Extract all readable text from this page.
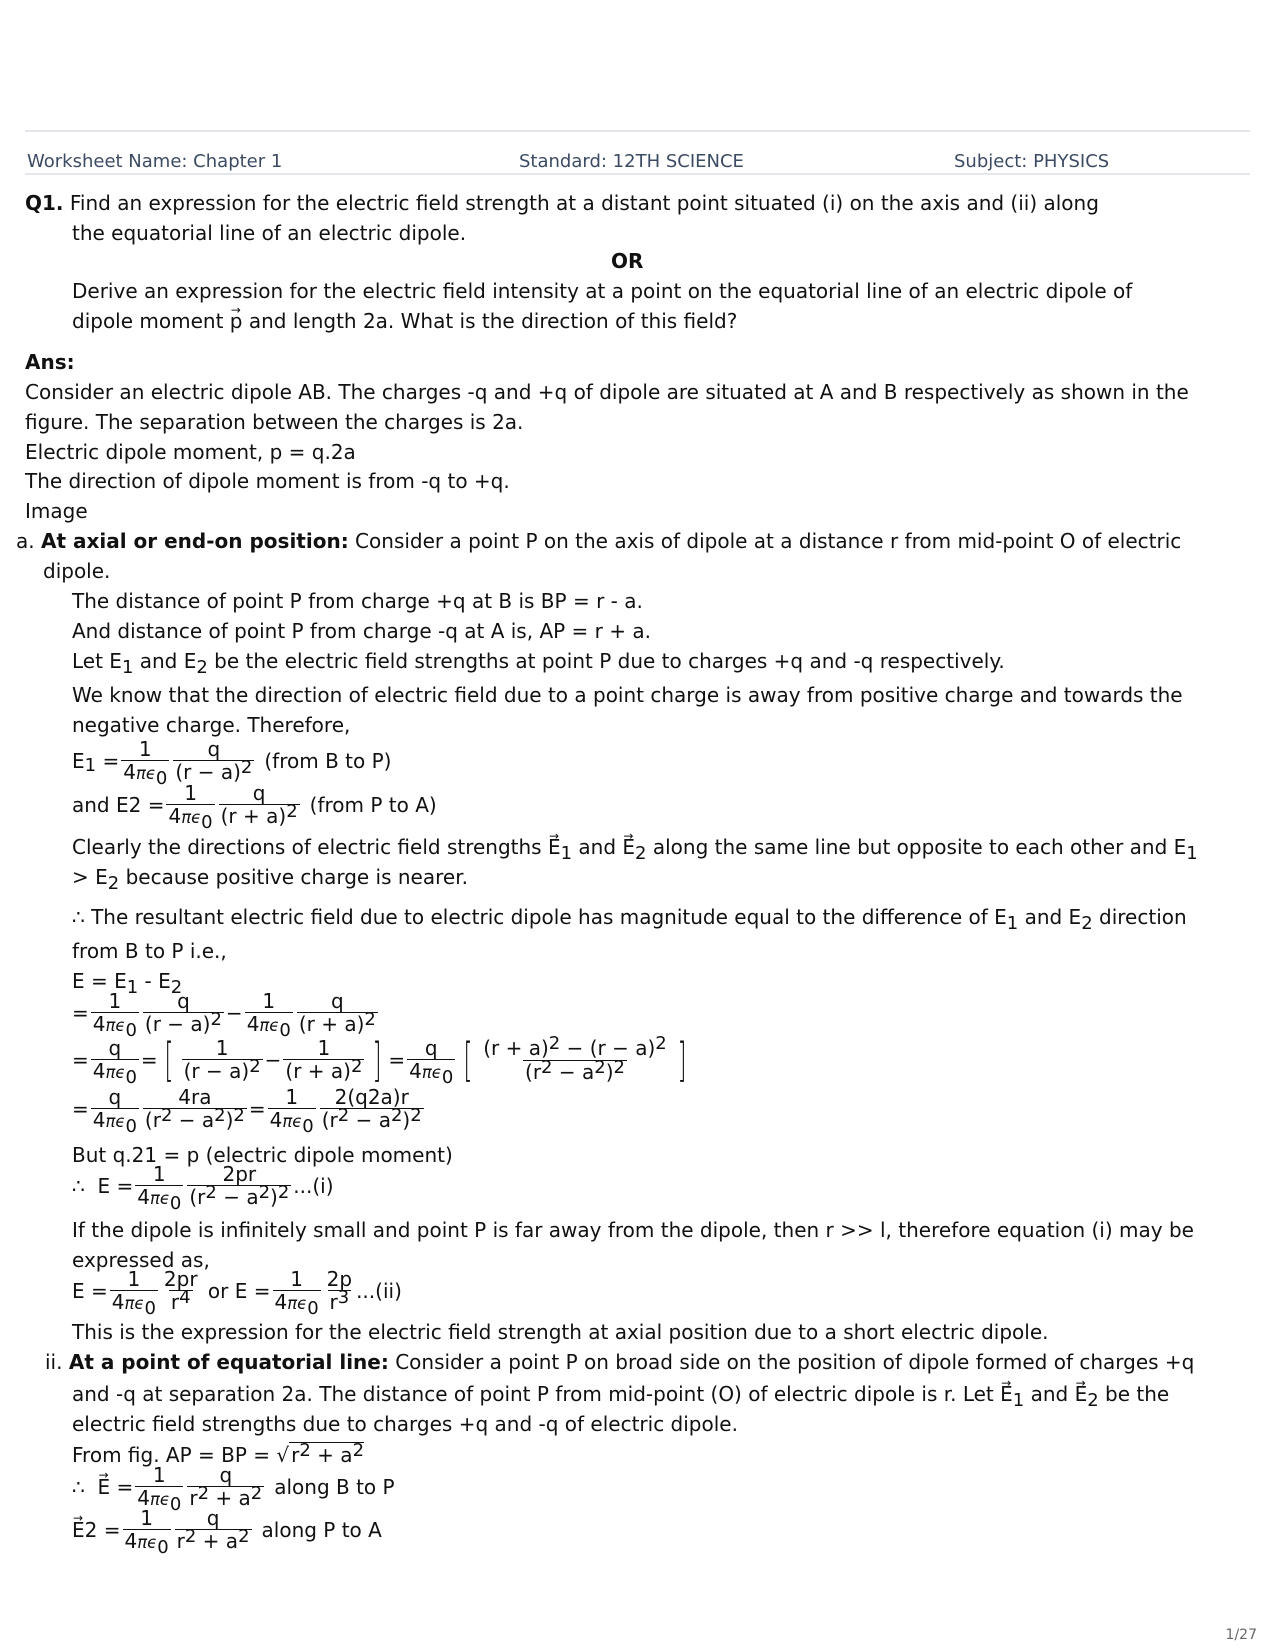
Worksheet Name: Chapter 1	Standard: 12TH SCIENCE	Subject: PHYSICS
Q1. Find an expression for the electric field strength at a distant point situated (i) on the axis and (ii) along
the equatorial line of an electric dipole.
OR
Derive an expression for the electric field intensity at a point on the equatorial line of an electric dipole of
dipole moment → p and length 2a. What is the direction of this field?
Ans:
Consider an electric dipole AB. The charges -q and +q of dipole are situated at A and B respectively as shown in the
figure. The separation between the charges is 2a.
Electric dipole moment, p = q.2a
The direction of dipole moment is from -q to +q.
Image
a. At axial or end-on position: Consider a point P on the axis of dipole at a distance r from mid-point O of electric
dipole.
The distance of point P from charge +q at B is BP = r - a.
And distance of point P from charge -q at A is, AP = r + a.
Let E1 and E2 be the electric field strengths at point P due to charges +q and -q respectively.
We know that the direction of electric field due to a point charge is away from positive charge and towards the
negative charge. Therefore,
E 1
= $\frac{1}{4\pi\epsilon 0} \frac{q}{(r - a)2}$ (from B to P)
and E 2
= $\frac{1}{4\pi\epsilon 0} \frac{q}{(r + a)2}$ (from P to A)
Clearly the directions of electric field strengths → E1 and → E2 along the same line but opposite to each other and E1
> E2 because positive charge is nearer.
∴ The resultant electric field due to electric dipole has magnitude equal to the difference of E1 and E2 direction
from B to P i.e.,
E = E1 - E2
= $\frac{1}{4\pi\epsilon 0} \frac{q}{(r - a)2} - \frac{1}{4\pi\epsilon 0} \frac{q}{(r + a)2}$
= $\frac{q}{4\pi\epsilon 0}$ = [ $\frac{1}{(r - a)2} - \frac{1}{(r + a)2}$ ] = $\frac{q}{4\pi\epsilon 0}$ [ $\frac{(r + a)2 - (r - a)2}{(r2 - a2)2}$ ]
= $\frac{q}{4\pi\epsilon 0} \frac{4ra}{(r2 - a2)2} = \frac{1}{4\pi\epsilon 0} \frac{2(q2a)r}{(r2 - a2)2}$
But q.21 = p (electric dipole moment)
∴
E
= $\frac{1}{4\pi\epsilon 0} \frac{2pr}{(r2 - a2)2} ...(i)$
If the dipole is infinitely small and point P is far away from the dipole, then r >> l, therefore equation (i) may be
expressed as,
E
= $\frac{1}{4\pi\epsilon 0} \frac{2pr}{r4}$
or
E
= $\frac{1}{4\pi\epsilon 0} \frac{2p}{r3} ...(ii)$
This is the expression for the electric field strength at axial position due to a short electric dipole.
ii. At a point of equatorial line: Consider a point P on broad side on the position of dipole formed of charges +q
and -q at separation 2a. The distance of point P from mid-point (O) of electric dipole is r. Let → E1 and → E2 be the
electric field strengths due to charges +q and -q of electric dipole.
From fig. AP = BP = √ r2 + a2
∴
→ E
= $\frac{1}{4\pi\epsilon 0} \frac{q}{r2 + a2}$ along B to P
→ E 2
= $\frac{1}{4\pi\epsilon 0} \frac{q}{r2 + a2}$ along P to A
1/27
